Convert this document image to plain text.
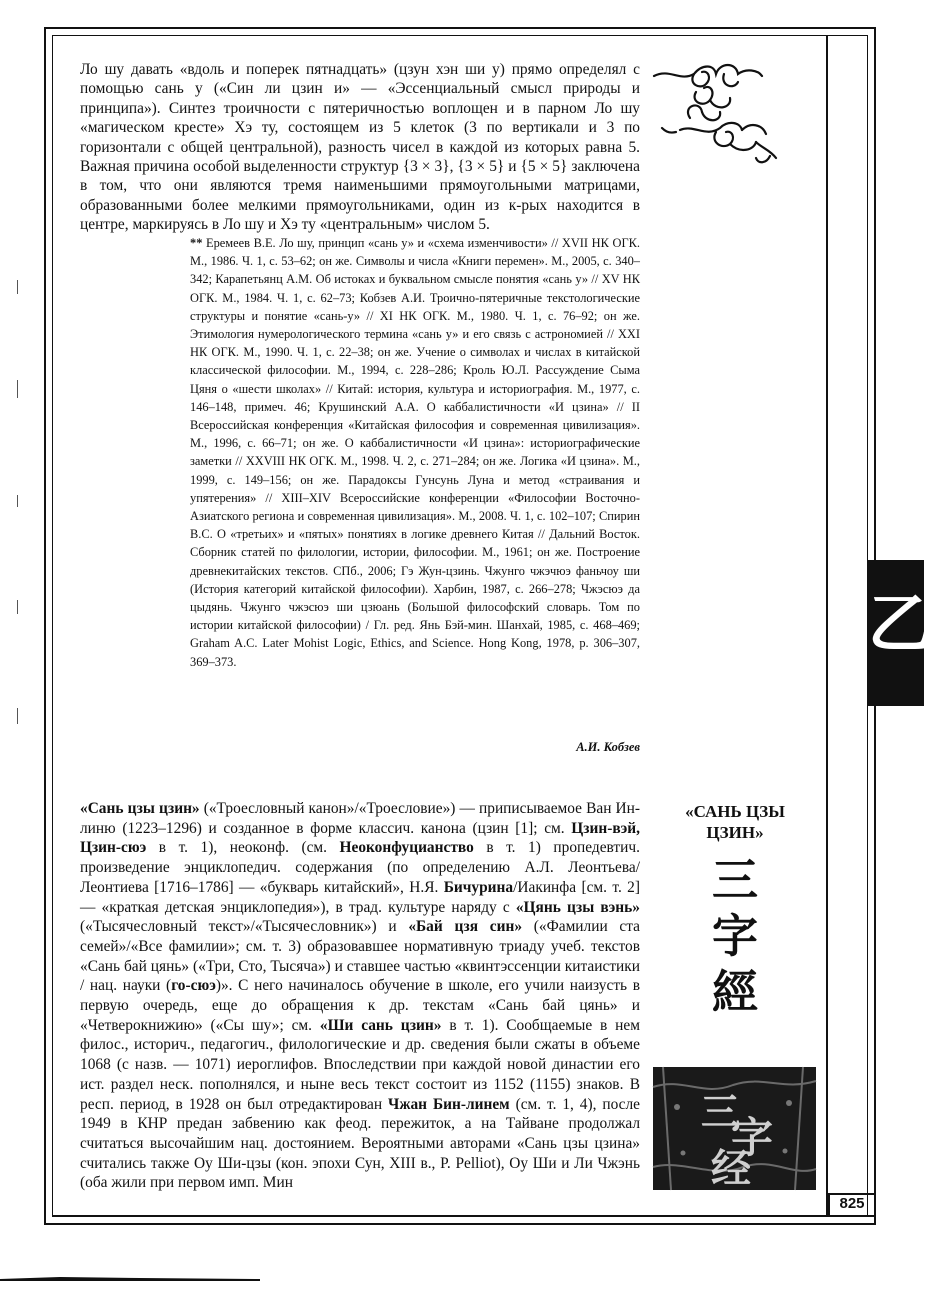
Ло шу давать «вдоль и поперек пятнадцать» (цзун хэн ши у) прямо определял с помощью сань у («Син ли цзин и» — «Эссенциальный смысл природы и принципа»). Синтез троичности с пятеричностью воплощен и в парном Ло шу «магическом кресте» Хэ ту, состоящем из 5 клеток (3 по вертикали и 3 по горизонтали с общей центральной), разность чисел в каждой из которых равна 5. Важная причина особой выделенности структур {3 × 3}, {3 × 5} и {5 × 5} заключена в том, что они являются тремя наименьшими прямоугольными матрицами, образованными более мелкими прямоугольниками, один из к-рых находится в центре, маркируясь в Ло шу и Хэ ту «центральным» числом 5.

** Еремеев В.Е. Ло шу, принцип «сань у» и «схема изменчивости» // XVII НК ОГК. М., 1986. Ч. 1, с. 53–62; он же. Символы и числа «Книги перемен». М., 2005, с. 340–342; Карапетьянц А.М. Об истоках и буквальном смысле понятия «сань у» // XV НК ОГК. М., 1984. Ч. 1, с. 62–73; Кобзев А.И. Троично-пятеричные текстологические структуры и понятие «сань-у» // XI НК ОГК. М., 1980. Ч. 1, с. 76–92; он же. Этимология нумерологического термина «сань у» и его связь с астрономией // XXI НК ОГК. М., 1990. Ч. 1, с. 22–38; он же. Учение о символах и числах в китайской классической философии. М., 1994, с. 228–286; Кроль Ю.Л. Рассуждение Сыма Цяня о «шести школах» // Китай: история, культура и историография. М., 1977, с. 146–148, примеч. 46; Крушинский А.А. О каббалистичности «И цзина» // II Всероссийская конференция «Китайская философия и современная цивилизация». М., 1996, с. 66–71; он же. О каббалистичности «И цзина»: историографические заметки // XXVIII НК ОГК. М., 1998. Ч. 2, с. 271–284; он же. Логика «И цзина». М., 1999, с. 149–156; он же. Парадоксы Гунсунь Луна и метод «страивания и упятерения» // XIII–XIV Всероссийские конференции «Философии Восточно-Азиатского региона и современная цивилизация». М., 2008. Ч. 1, с. 102–107; Спирин В.С. О «третьих» и «пятых» понятиях в логике древнего Китая // Дальний Восток. Сборник статей по филологии, истории, философии. М., 1961; он же. Построение древнекитайских текстов. СПб., 2006; Гэ Жун-цзинь. Чжунго чжэчюэ фаньчоу ши (История категорий китайской философии). Харбин, 1987, с. 266–278; Чжэсюэ да цыдянь. Чжунго чжэсюэ ши цзюань (Большой философский словарь. Том по истории китайской философии) / Гл. ред. Янь Бэй-мин. Шанхай, 1985, с. 468–469; Graham A.C. Later Mohist Logic, Ethics, and Science. Hong Kong, 1978, p. 306–307, 369–373.

А.И. Кобзев

«Сань цзы цзин» («Троесловный канон»/«Троесловие») — приписываемое Ван Ин-линю (1223–1296) и созданное в форме классич. канона (цзин [1]; см. Цзин-вэй, Цзин-сюэ в т. 1), неоконф. (см. Неоконфуцианство в т. 1) пропедевтич. произведение энциклопедич. содержания (по определению А.Л. Леонтьева/Леонтиева [1716–1786] — «букварь китайский», Н.Я. Бичурина/Иакинфа [см. т. 2] — «краткая детская энциклопедия»), в трад. культуре наряду с «Цянь цзы вэнь» («Тысячесловный текст»/«Тысячесловник») и «Бай цзя син» («Фамилии ста семей»/«Все фамилии»; см. т. 3) образовавшее нормативную триаду учеб. текстов «Сань бай цянь» («Три, Сто, Тысяча») и ставшее частью «квинтэссенции китаистики / нац. науки (го-сюэ)». С него начиналось обучение в школе, его учили наизусть в первую очередь, еще до обращения к др. текстам «Сань бай цянь» и «Четверокнижию» («Сы шу»; см. «Ши сань цзин» в т. 1). Сообщаемые в нем филос., историч., педагогич., филологические и др. сведения были сжаты в объеме 1068 (с назв. — 1071) иероглифов. Впоследствии при каждой новой династии его ист. раздел неск. пополнялся, и ныне весь текст состоит из 1152 (1155) знаков. В респ. период, в 1928 он был отредактирован Чжан Бин-линем (см. т. 1, 4), после 1949 в КНР предан забвению как феод. пережиток, а на Тайване продолжал считаться высочайшим нац. достоянием. Вероятными авторами «Сань цзы цзина» считались также Оу Ши-цзы (кон. эпохи Сун, XIII в., P. Pelliot), Оу Ши и Ли Чжэнь (оба жили при первом имп. Мин

«САНЬ ЦЗЫ ЦЗИН»

三
字
經
三
字
经
乙
825
